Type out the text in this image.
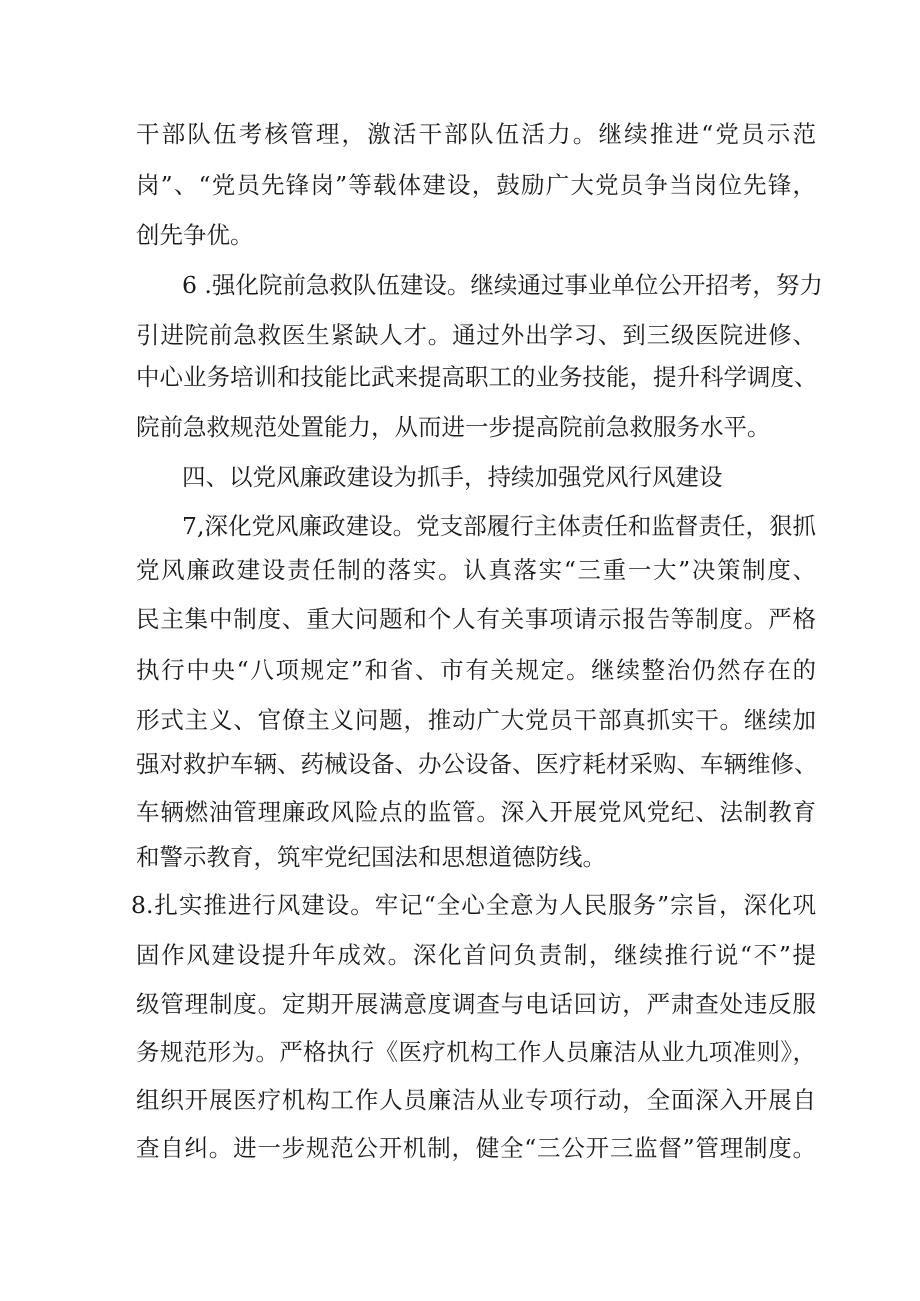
干部队伍考核管理，激活干部队伍活力。继续推进“党员示范
岗”、“党员先锋岗”等载体建设，鼓励广大党员争当岗位先锋，
创先争优。
6 .强化院前急救队伍建设。继续通过事业单位公开招考，努力
引进院前急救医生紧缺人才。通过外出学习、到三级医院进修、
中心业务培训和技能比武来提高职工的业务技能，提升科学调度、
院前急救规范处置能力，从而进一步提高院前急救服务水平。
四、以党风廉政建设为抓手，持续加强党风行风建设
7,深化党风廉政建设。党支部履行主体责任和监督责任，狠抓
党风廉政建设责任制的落实。认真落实“三重一大”决策制度、
民主集中制度、重大问题和个人有关事项请示报告等制度。严格
执行中央“八项规定”和省、市有关规定。继续整治仍然存在的
形式主义、官僚主义问题，推动广大党员干部真抓实干。继续加
强对救护车辆、药械设备、办公设备、医疗耗材采购、车辆维修、
车辆燃油管理廉政风险点的监管。深入开展党风党纪、法制教育
和警示教育，筑牢党纪国法和思想道德防线。
8.扎实推进行风建设。牢记“全心全意为人民服务”宗旨，深化巩
固作风建设提升年成效。深化首问负责制，继续推行说“不”提
级管理制度。定期开展满意度调查与电话回访，严肃查处违反服
务规范形为。严格执行《医疗机构工作人员廉洁从业九项准则》，
组织开展医疗机构工作人员廉洁从业专项行动，全面深入开展自
查自纠。进一步规范公开机制，健全“三公开三监督”管理制度。
